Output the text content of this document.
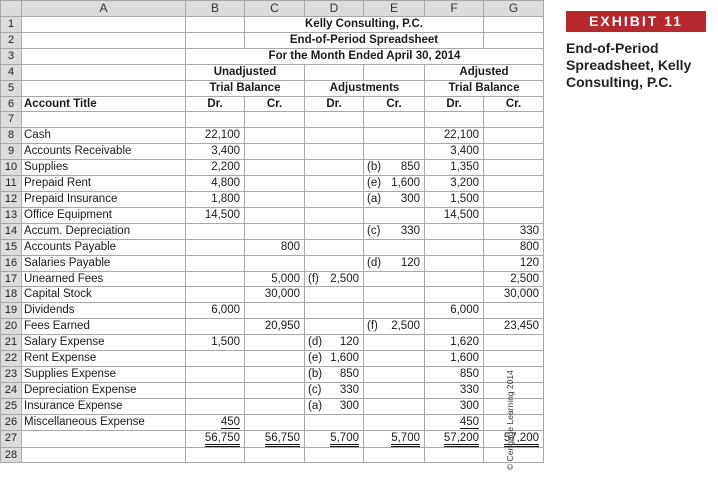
	A	B	C	D	E	F	G
1			Kelly Consulting, P.C.				
2			End-of-Period Spreadsheet				
3		For the Month Ended April 30, 2014					
4		Unadjusted				Adjusted	
5		Trial Balance		Adjustments		Trial Balance	
6	Account Title	Dr.	Cr.	Dr.	Cr.	Dr.	Cr.
7							
8	Cash	22,100				22,100	
9	Accounts Receivable	3,400				3,400	
10	Supplies	2,200			(b) 850	1,350	
11	Prepaid Rent	4,800			(e) 1,600	3,200	
12	Prepaid Insurance	1,800			(a) 300	1,500	
13	Office Equipment	14,500				14,500	
14	Accum. Depreciation				(c) 330		330
15	Accounts Payable		800				800
16	Salaries Payable				(d) 120		120
17	Unearned Fees		5,000	(f) 2,500			2,500
18	Capital Stock		30,000				30,000
19	Dividends	6,000				6,000	
20	Fees Earned		20,950		(f) 2,500		23,450
21	Salary Expense	1,500		(d) 120		1,620	
22	Rent Expense			(e) 1,600		1,600	
23	Supplies Expense			(b) 850		850	
24	Depreciation Expense			(c) 330		330	
25	Insurance Expense			(a) 300		300	
26	Miscellaneous Expense	450				450	
27		56,750	56,750	5,700	5,700	57,200	57,200
28							
EXHIBIT 11
End-of-Period Spreadsheet, Kelly Consulting, P.C.
© Cengage Learning 2014
